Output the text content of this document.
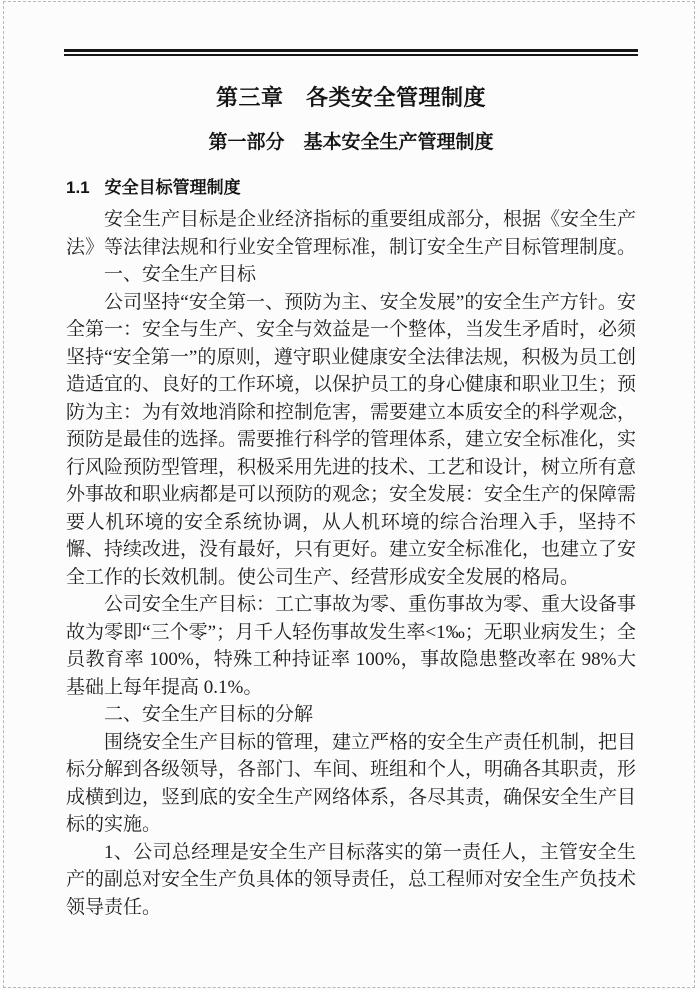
第三章　各类安全管理制度
第一部分　基本安全生产管理制度
1.1 安全目标管理制度

安全生产目标是企业经济指标的重要组成部分，根据《安全生产法》等法律法规和行业安全管理标准，制订安全生产目标管理制度。

一、安全生产目标

公司坚持“安全第一、预防为主、安全发展”的安全生产方针。安全第一：安全与生产、安全与效益是一个整体，当发生矛盾时，必须坚持“安全第一”的原则，遵守职业健康安全法律法规，积极为员工创造适宜的、良好的工作环境，以保护员工的身心健康和职业卫生；预防为主：为有效地消除和控制危害，需要建立本质安全的科学观念，预防是最佳的选择。需要推行科学的管理体系，建立安全标准化，实行风险预防型管理，积极采用先进的技术、工艺和设计，树立所有意外事故和职业病都是可以预防的观念；安全发展：安全生产的保障需要人机环境的安全系统协调，从人机环境的综合治理入手，坚持不懈、持续改进，没有最好，只有更好。建立安全标准化，也建立了安全工作的长效机制。使公司生产、经营形成安全发展的格局。

公司安全生产目标：工亡事故为零、重伤事故为零、重大设备事故为零即“三个零”；月千人轻伤事故发生率<1‰；无职业病发生；全员教育率 100%，特殊工种持证率 100%，事故隐患整改率在 98%大基础上每年提高 0.1%。

二、安全生产目标的分解

围绕安全生产目标的管理，建立严格的安全生产责任机制，把目标分解到各级领导，各部门、车间、班组和个人，明确各其职责，形成横到边，竖到底的安全生产网络体系，各尽其责，确保安全生产目标的实施。

1、公司总经理是安全生产目标落实的第一责任人，主管安全生产的副总对安全生产负具体的领导责任，总工程师对安全生产负技术领导责任。
